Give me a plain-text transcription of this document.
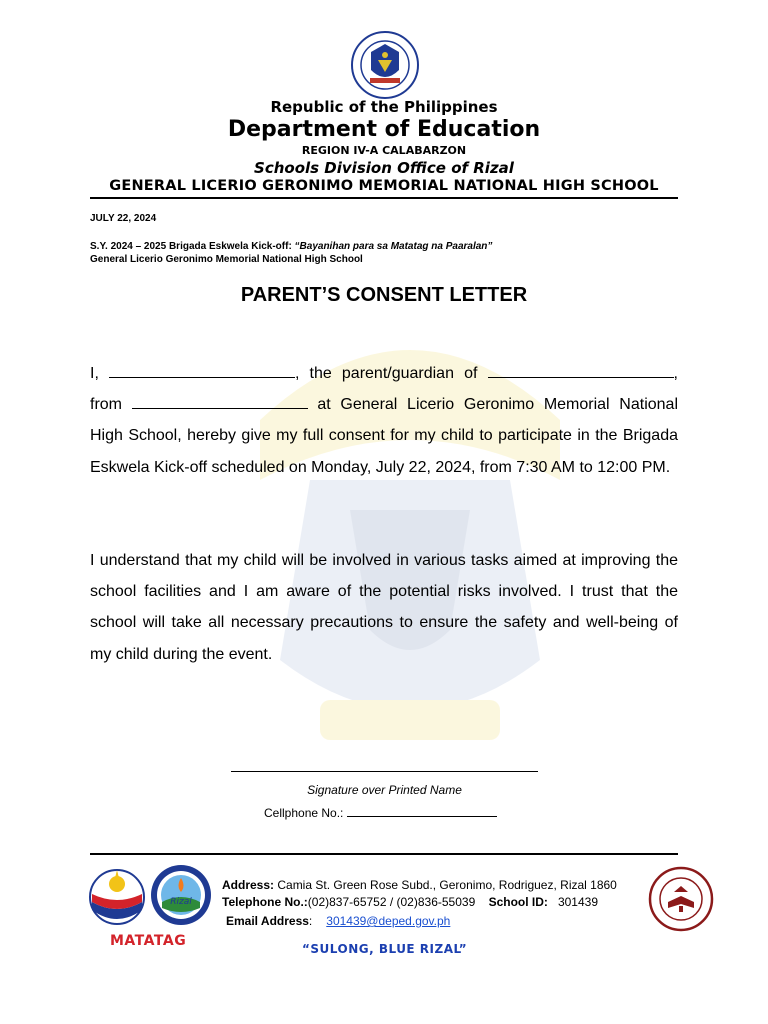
Republic of the Philippines
Department of Education
REGION IV-A CALABARZON
Schools Division Office of Rizal
GENERAL LICERIO GERONIMO MEMORIAL NATIONAL HIGH SCHOOL
JULY 22, 2024
S.Y. 2024 – 2025 Brigada Eskwela Kick-off: “Bayanihan para sa Matatag na Paaralan”
General Licerio Geronimo Memorial National High School
PARENT’S CONSENT LETTER
I,	, the parent/guardian of	, from	at General Licerio Geronimo Memorial National High School, hereby give my full consent for my child to participate in the Brigada Eskwela Kick-off scheduled on Monday, July 22, 2024, from 7:30 AM to 12:00 PM.
I understand that my child will be involved in various tasks aimed at improving the school facilities and I am aware of the potential risks involved. I trust that the school will take all necessary precautions to ensure the safety and well-being of my child during the event.
Signature over Printed Name
Cellphone No.:
Rizal
MATATAG
Address: Camia St. Green Rose Subd., Geronimo, Rodriguez, Rizal 1860
Telephone No.:(02)837-65752 / (02)836-55039 School ID: 301439
Email Address: 301439@deped.gov.ph
“SULONG, BLUE RIZAL”
